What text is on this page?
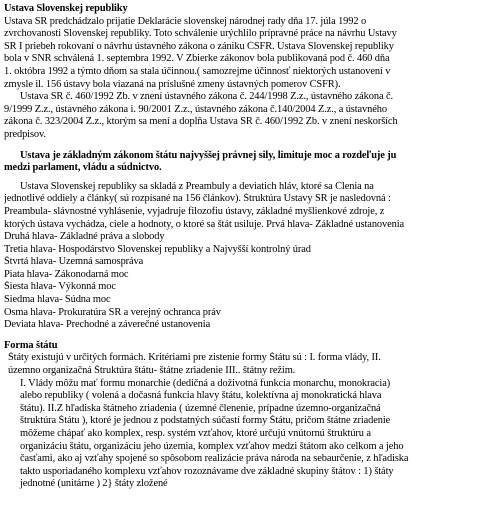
Ústava Slovenskej republiky
Ústava SR predchádzalo prijatie Deklarácie slovenskej národnej rady dňa 17. júla 1992 o
zvrchovanosti Slovenskej republiky. Toto schválenie urýchlilo prípravné práce na návrhu Ústavy
SR I priebeh rokovaní o návrhu ústavného zákona o zániku ČSFR. Ústava Slovenskej republiky
bola v SNR schválená 1. septembra 1992. V Zbierke zákonov bola publikovaná pod č. 460 dňa
1. októbra 1992 a týmto dňom sa stala účinnou.( samozrejme účinnosť niektorých ustanovení v
zmysle il. 156 ústavy bola viazaná na príslušné zmeny ústavných pomerov ČSFR).
Ústava SR č. 460/1992 Zb. v znení ústavného zákona č. 244/1998 Z.z., ústavného zákona č.
9/1999 Z.z., ústavného zákona i. 90/2001 Z.z., ústavného zákona č.140/2004 Z.z., a ústavného
zákona č. 323/2004 Z.z., ktorým sa mení a dopĺňa Ústava SR č. 460/1992 Zb. v znení neskorších
predpisov.
Ústava je základným zákonom štátu najvyššej právnej sily, limituje moc a rozdeľuje ju
medzi parlament, vládu a súdnictvo.
Ústava Slovenskej republiky sa skladá z Preambuly a deviatich hláv, ktoré sa Členia na
jednotlivé oddiely a články( sú rozpísané na 156 článkov). Štruktúra Ústavy SR je nasledovná :
Preambula- slávnostné vyhlásenie, vyjadruje filozofiu ústavy, základné myšlienkové zdroje, z
ktorých ústava vychádza, ciele a hodnoty, o ktoré sa štát usiluje. Prvá hlava- Základné ustanovenia
Druhá hlava- Základné práva a slobody
Tretia hlava- Hospodárstvo Slovenskej republiky a Najvyšší kontrolný úrad
Štvrtá hlava- Územná samospráva
Piata hlava- Zákonodarná moc
Šiesta hlava- Výkonná moc
Siedma hlava- Súdna moc
Osma hlava- Prokuratúra SR a verejný ochranca práv
Deviata hlava- Prechodné a záverečné ustanovenia
Forma štátu
Štáty existujú v určitých formách. Kritériami pre zistenie formy Štátu sú : I. forma vlády, II.
územno organizačná Štruktúra štátu- štátne zriadenie III.. štátny režim.
I. Vlády môžu mať formu monarchie (dedičná a doživotná funkcia monarchu, monokracia)
alebo republiky ( volená a dočasná funkcia hlavy štátu, kolektívna aj monokratická hlava
štátu). II.Z hľadiska štátneho zriadenia ( územné členenie, prípadne územno-organizačná
štruktúra Štátu ), ktoré je jednou z podstatných súčastí formy Štátu, pričom štátne zriadenie
môžeme chápať ako komplex, resp. systém vzťahov, ktoré určujú vnútornú štruktúru a
organizáciu štátu, organizáciu jeho územia, komplex vzťahov medzi štátom ako celkom a jeho
časťami, ako aj vzťahy spojené so spôsobom realizácie práva národa na sebaurčenie, z hľadiska
takto usporiadaného komplexu vzťahov rozoznávame dve základné skupiny štátov : 1) štáty
jednotné (unitárne ) 2} štáty zložené
